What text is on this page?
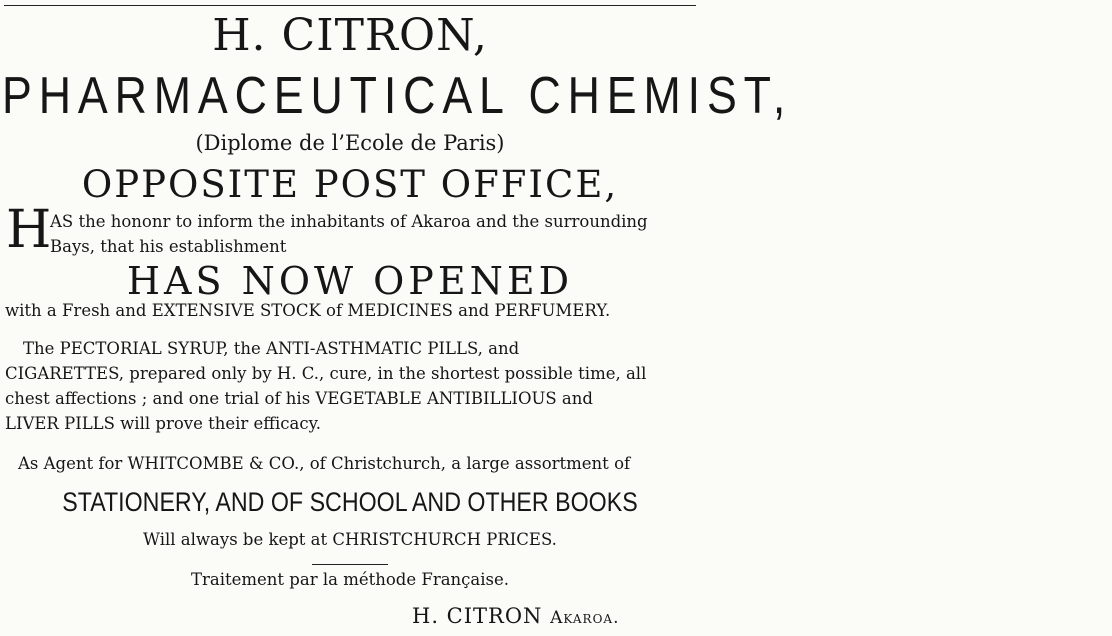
H. CITRON,
PHARMACEUTICAL CHEMIST,
(Diplome de l’Ecole de Paris)
OPPOSITE POST OFFICE,
H
AS the hononr to inform the inhabitants of Akaroa and the surrounding
Bays, that his establishment
HAS NOW OPENED
with a Fresh and EXTENSIVE STOCK of MEDICINES and PERFUMERY.

The PECTORIAL SYRUP, the ANTI-ASTHMATIC PILLS, and

CIGARETTES, prepared only by H. C., cure, in the shortest possible time, all

chest affections ; and one trial of his VEGETABLE ANTIBILLIOUS and

LIVER PILLS will prove their efficacy.

As Agent for WHITCOMBE & CO., of Christchurch, a large assortment of
STATIONERY, AND OF SCHOOL AND OTHER BOOKS
Will always be kept at CHRISTCHURCH PRICES.
Traitement par la méthode Française.
H. CITRON Akaroa.
